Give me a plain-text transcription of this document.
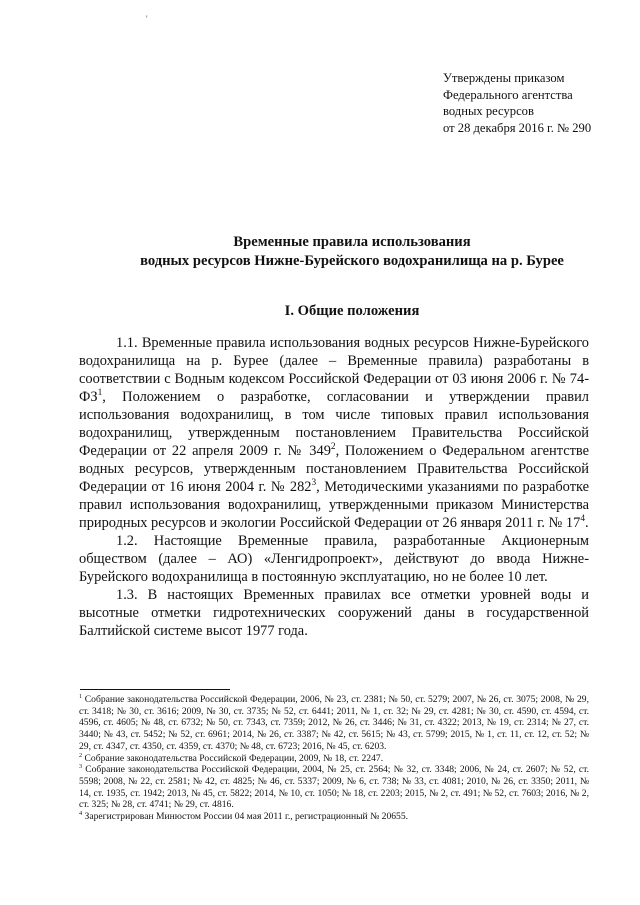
'
Утверждены приказом
Федерального агентства
водных ресурсов
от 28 декабря 2016 г. № 290
Временные правила использования
водных ресурсов Нижне-Бурейского водохранилища на р. Бурее
I. Общие положения

1.1. Временные правила использования водных ресурсов Нижне-Бурейского водохранилища на р. Бурее (далее – Временные правила) разработаны в соответствии с Водным кодексом Российской Федерации от 03 июня 2006 г. № $74-ФЗ^1$, Положением о разработке, согласовании и утверждении правил использования водохранилищ, в том числе типовых правил использования водохранилищ, утвержденным постановлением Правительства Российской Федерации от 22 апреля 2009 г. № $349^2$, Положением о Федеральном агентстве водных ресурсов, утвержденным постановлением Правительства Российской Федерации от 16 июня 2004 г. № $282^3$, Методическими указаниями по разработке правил использования водохранилищ, утвержденными приказом Министерства природных ресурсов и экологии Российской Федерации от 26 января 2011 г. № $17^4$.

1.2. Настоящие Временные правила, разработанные Акционерным обществом (далее – АО) «Ленгидропроект», действуют до ввода Нижне-Бурейского водохранилища в постоянную эксплуатацию, но не более 10 лет.

1.3. В настоящих Временных правилах все отметки уровней воды и высотные отметки гидротехнических сооружений даны в государственной Балтийской системе высот 1977 года.

$^1$ Собрание законодательства Российской Федерации, 2006, № 23, ст. 2381; № 50, ст. 5279; 2007, № 26, ст. 3075; 2008, № 29, ст. 3418; № 30, ст. 3616; 2009, № 30, ст. 3735; № 52, ст. 6441; 2011, № 1, ст. 32; № 29, ст. 4281; № 30, ст. 4590, ст. 4594, ст. 4596, ст. 4605; № 48, ст. 6732; № 50, ст. 7343, ст. 7359; 2012, № 26, ст. 3446; № 31, ст. 4322; 2013, № 19, ст. 2314; № 27, ст. 3440; № 43, ст. 5452; № 52, ст. 6961; 2014, № 26, ст. 3387; № 42, ст. 5615; № 43, ст. 5799; 2015, № 1, ст. 11, ст. 12, ст. 52; № 29, ст. 4347, ст. 4350, ст. 4359, ст. 4370; № 48, ст. 6723; 2016, № 45, ст. 6203.

$^2$ Собрание законодательства Российской Федерации, 2009, № 18, ст. 2247.

$^3$ Собрание законодательства Российской Федерации, 2004, № 25, ст. 2564; № 32, ст. 3348; 2006, № 24, ст. 2607; № 52, ст. 5598; 2008, № 22, ст. 2581; № 42, ст. 4825; № 46, ст. 5337; 2009, № 6, ст. 738; № 33, ст. 4081; 2010, № 26, ст. 3350; 2011, № 14, ст. 1935, ст. 1942; 2013, № 45, ст. 5822; 2014, № 10, ст. 1050; № 18, ст. 2203; 2015, № 2, ст. 491; № 52, ст. 7603; 2016, № 2, ст. 325; № 28, ст. 4741; № 29, ст. 4816.

$^4$ Зарегистрирован Минюстом России 04 мая 2011 г., регистрационный № 20655.
